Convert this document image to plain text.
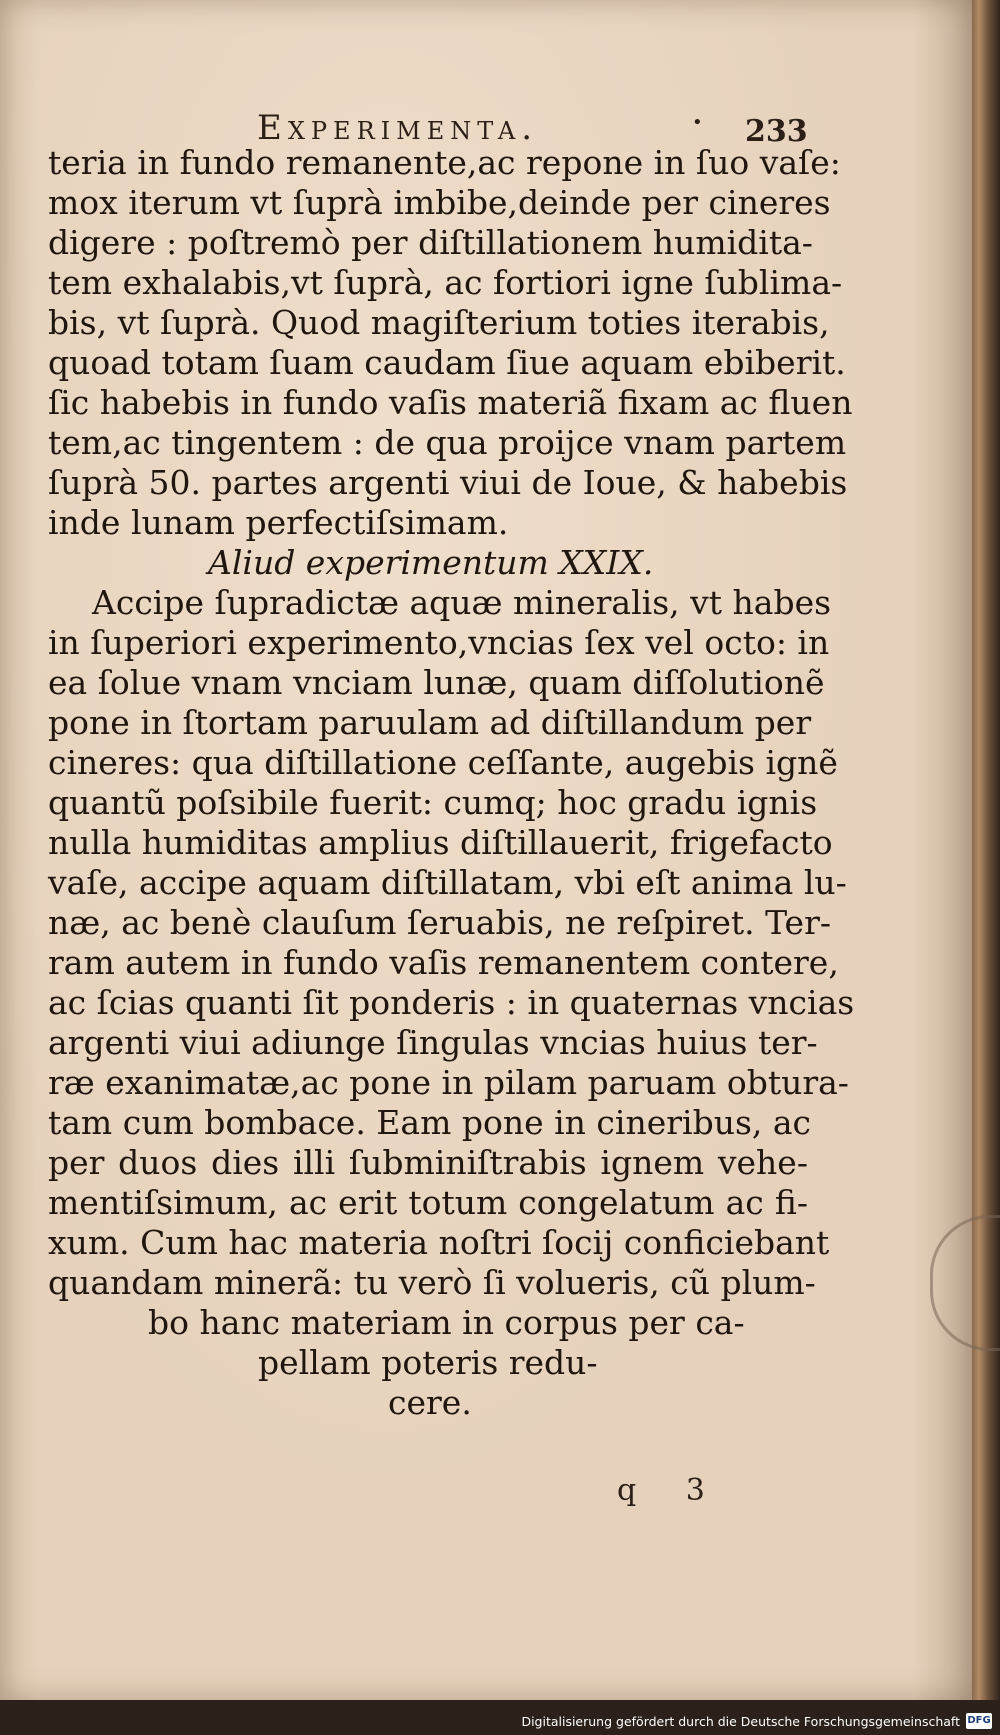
Experimenta.	• 233
teria in fundo remanente,ac repone in ſuo vaſe:
mox iterum vt ſuprà imbibe,deinde per cineres
digere : poſtremò per diſtillationem humidita-
tem exhalabis,vt ſuprà, ac fortiori igne ſublima-
bis, vt ſuprà. Quod magiſterium toties iterabis,
quoad totam ſuam caudam ſiue aquam ebiberit.
ſic habebis in fundo vaſis materiã fixam ac fluen
tem,ac tingentem : de qua proijce vnam partem
ſuprà 50. partes argenti viui de Ioue, & habebis
inde lunam perfectiſsimam.
Aliud experimentum XXIX.
Accipe ſupradictæ aquæ mineralis, vt habes
in ſuperiori experimento,vncias ſex vel octo: in
ea ſolue vnam vnciam lunæ, quam diſſolutionẽ
pone in ſtortam paruulam ad diſtillandum per
cineres: qua diſtillatione ceſſante, augebis ignẽ
quantũ poſsibile fuerit: cumq; hoc gradu ignis
nulla humiditas amplius diſtillauerit, frigefacto
vaſe, accipe aquam diſtillatam, vbi eſt anima lu-
næ, ac benè clauſum ſeruabis, ne reſpiret. Ter-
ram autem in fundo vaſis remanentem contere,
ac ſcias quanti ſit ponderis : in quaternas vncias
argenti viui adiunge ſingulas vncias huius ter-
ræ exanimatæ,ac pone in pilam paruam obtura-
tam cum bombace. Eam pone in cineribus, ac
per duos dies illi ſubminiſtrabis ignem vehe-
mentiſsimum, ac erit totum congelatum ac fi-
xum. Cum hac materia noſtri ſocij conficiebant
quandam minerã: tu verò ſi volueris, cũ plum-
bo hanc materiam in corpus per ca-
pellam poteris redu-
cere.
q 3
Digitalisierung gefördert durch die Deutsche Forschungsgemeinschaft DFG
